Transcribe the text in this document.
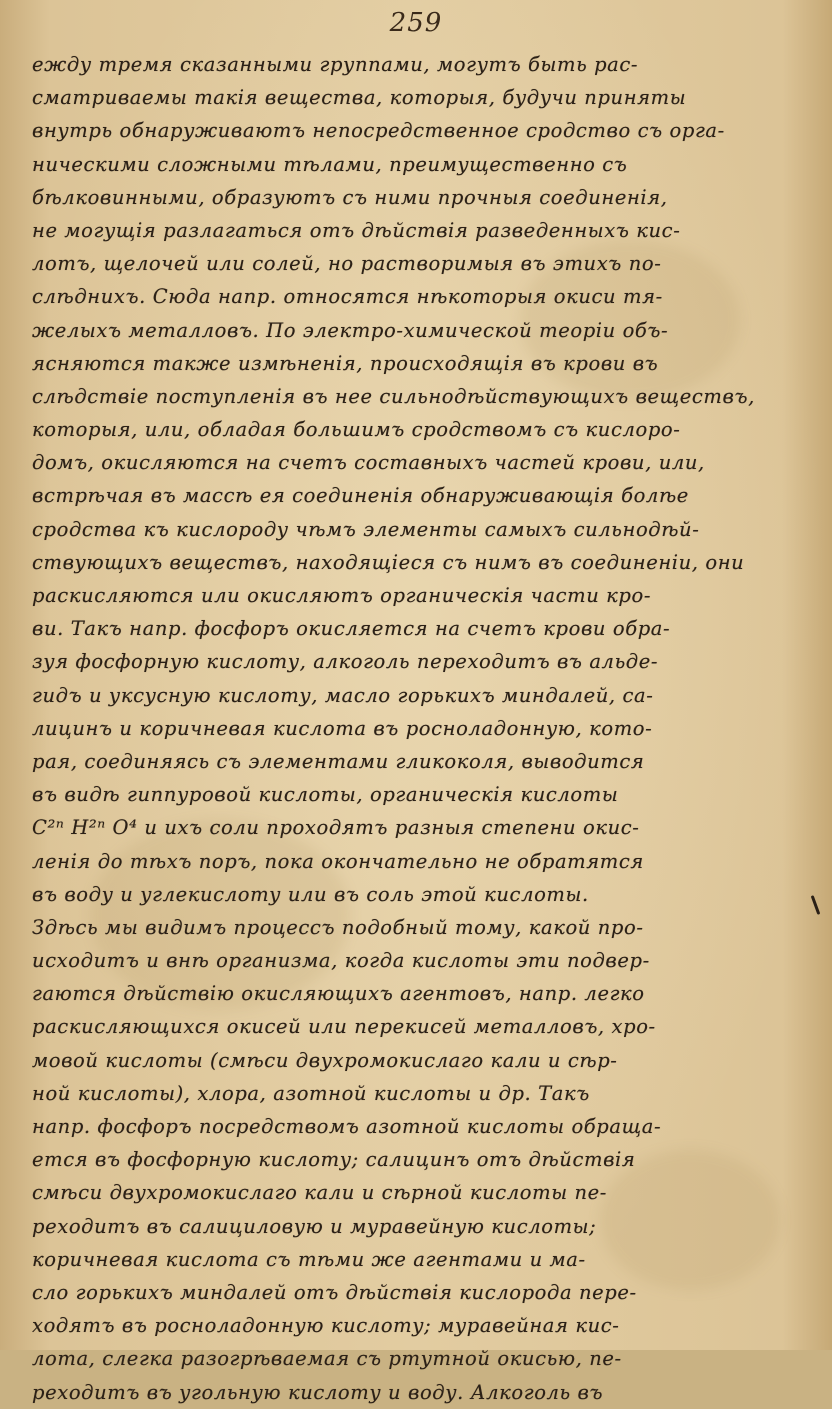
259
ежду тремя сказанными группами, могутъ быть рас-
сматриваемы такія вещества, которыя, будучи приняты
внутрь обнаруживаютъ непосредственное сродство съ орга-
ническими сложными тѣлами, преимущественно съ
бѣлковинными, образуютъ съ ними прочныя соединенія,
не могущія разлагаться отъ дѣйствія разведенныхъ кис-
лотъ, щелочей или солей, но растворимыя въ этихъ по-
слѣднихъ. Сюда напр. относятся нѣкоторыя окиси тя-
желыхъ металловъ. По электро-химической теоріи объ-
ясняются также измѣненія, происходящія въ крови въ
слѣдствіе поступленія въ нее сильнодѣйствующихъ веществъ,
которыя, или, обладая большимъ сродствомъ съ кислоро-
домъ, окисляются на счетъ составныхъ частей крови, или,
встрѣчая въ массѣ ея соединенія обнаруживающія болѣе
сродства къ кислороду чѣмъ элементы самыхъ сильнодѣй-
ствующихъ веществъ, находящіеся съ нимъ въ соединеніи, они
раскисляются или окисляютъ органическія части кро-
ви. Такъ напр. фосфоръ окисляется на счетъ крови обра-
зуя фосфорную кислоту, алкоголь переходитъ въ альде-
гидъ и уксусную кислоту, масло горькихъ миндалей, са-
лицинъ и коричневая кислота въ росноладонную, кото-
рая, соединяясь съ элементами гликоколя, выводится
въ видѣ гиппуровой кислоты, органическія кислоты
C²ⁿ H²ⁿ O⁴ и ихъ соли проходятъ разныя степени окис-
ленія до тѣхъ поръ, пока окончательно не обратятся
въ воду и углекислоту или въ соль этой кислоты.
Здѣсь мы видимъ процессъ подобный тому, какой про-
исходитъ и внѣ организма, когда кислоты эти подвер-
гаются дѣйствію окисляющихъ агентовъ, напр. легко
раскисляющихся окисей или перекисей металловъ, хро-
мовой кислоты (смѣси двухромокислаго кали и сѣр-
ной кислоты), хлора, азотной кислоты и др. Такъ
напр. фосфоръ посредствомъ азотной кислоты обраща-
ется въ фосфорную кислоту; салицинъ отъ дѣйствія
смѣси двухромокислаго кали и сѣрной кислоты пе-
реходитъ въ салициловую и муравейную кислоты;
коричневая кислота съ тѣми же агентами и ма-
сло горькихъ миндалей отъ дѣйствія кислорода пере-
ходятъ въ росноладонную кислоту; муравейная кис-
лота, слегка разогрѣваемая съ ртутной окисью, пе-
реходитъ въ угольную кислоту и воду. Алкоголь въ
